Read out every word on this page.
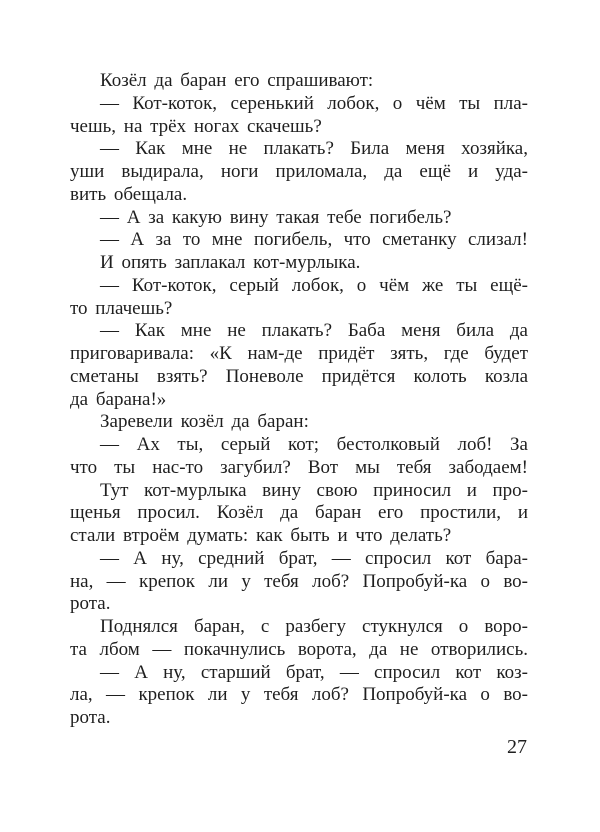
Козёл да баран его спрашивают:
— Кот-коток, серенький лобок, о чём ты пла-
чешь, на трёх ногах скачешь?
— Как мне не плакать? Била меня хозяйка,
уши выдирала, ноги приломала, да ещё и уда-
вить обещала.
— А за какую вину такая тебе погибель?
— А за то мне погибель, что сметанку слизал!
И опять заплакал кот-мурлыка.
— Кот-коток, серый лобок, о чём же ты ещё-
то плачешь?
— Как мне не плакать? Баба меня била да
приговаривала: «К нам-де придёт зять, где будет
сметаны взять? Поневоле придётся колоть козла
да барана!»
Заревели козёл да баран:
— Ах ты, серый кот; бестолковый лоб! За
что ты нас-то загубил? Вот мы тебя забодаем!
Тут кот-мурлыка вину свою приносил и про-
щенья просил. Козёл да баран его простили, и
стали втроём думать: как быть и что делать?
— А ну, средний брат, — спросил кот бара-
на, — крепок ли у тебя лоб? Попробуй-ка о во-
рота.
Поднялся баран, с разбегу стукнулся о воро-
та лбом — покачнулись ворота, да не отворились.
— А ну, старший брат, — спросил кот коз-
ла, — крепок ли у тебя лоб? Попробуй-ка о во-
рота.
27
